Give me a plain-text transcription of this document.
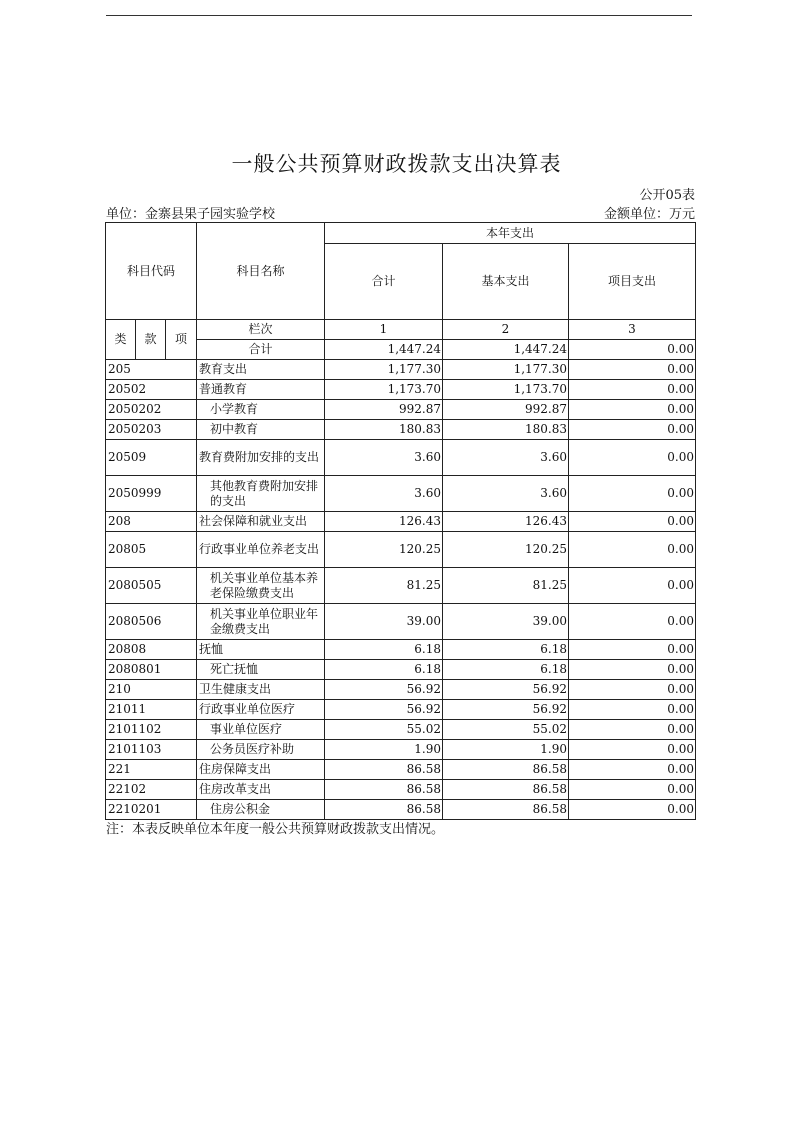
一般公共预算财政拨款支出决算表
公开05表
单位：金寨县果子园实验学校	金额单位：万元
科目代码			科目名称	本年支出		
				合计	基本支出	项目支出
类	款	项	栏次	1	2	3
			合计	1,447.24	1,447.24	0.00
205			教育支出	1,177.30	1,177.30	0.00
20502			普通教育	1,173.70	1,173.70	0.00
2050202			小学教育	992.87	992.87	0.00
2050203			初中教育	180.83	180.83	0.00
20509			教育费附加安排的支出	3.60	3.60	0.00
2050999			其他教育费附加安排的支出	3.60	3.60	0.00
208			社会保障和就业支出	126.43	126.43	0.00
20805			行政事业单位养老支出	120.25	120.25	0.00
2080505			机关事业单位基本养老保险缴费支出	81.25	81.25	0.00
2080506			机关事业单位职业年金缴费支出	39.00	39.00	0.00
20808			抚恤	6.18	6.18	0.00
2080801			死亡抚恤	6.18	6.18	0.00
210			卫生健康支出	56.92	56.92	0.00
21011			行政事业单位医疗	56.92	56.92	0.00
2101102			事业单位医疗	55.02	55.02	0.00
2101103			公务员医疗补助	1.90	1.90	0.00
221			住房保障支出	86.58	86.58	0.00
22102			住房改革支出	86.58	86.58	0.00
2210201			住房公积金	86.58	86.58	0.00
注：本表反映单位本年度一般公共预算财政拨款支出情况。
